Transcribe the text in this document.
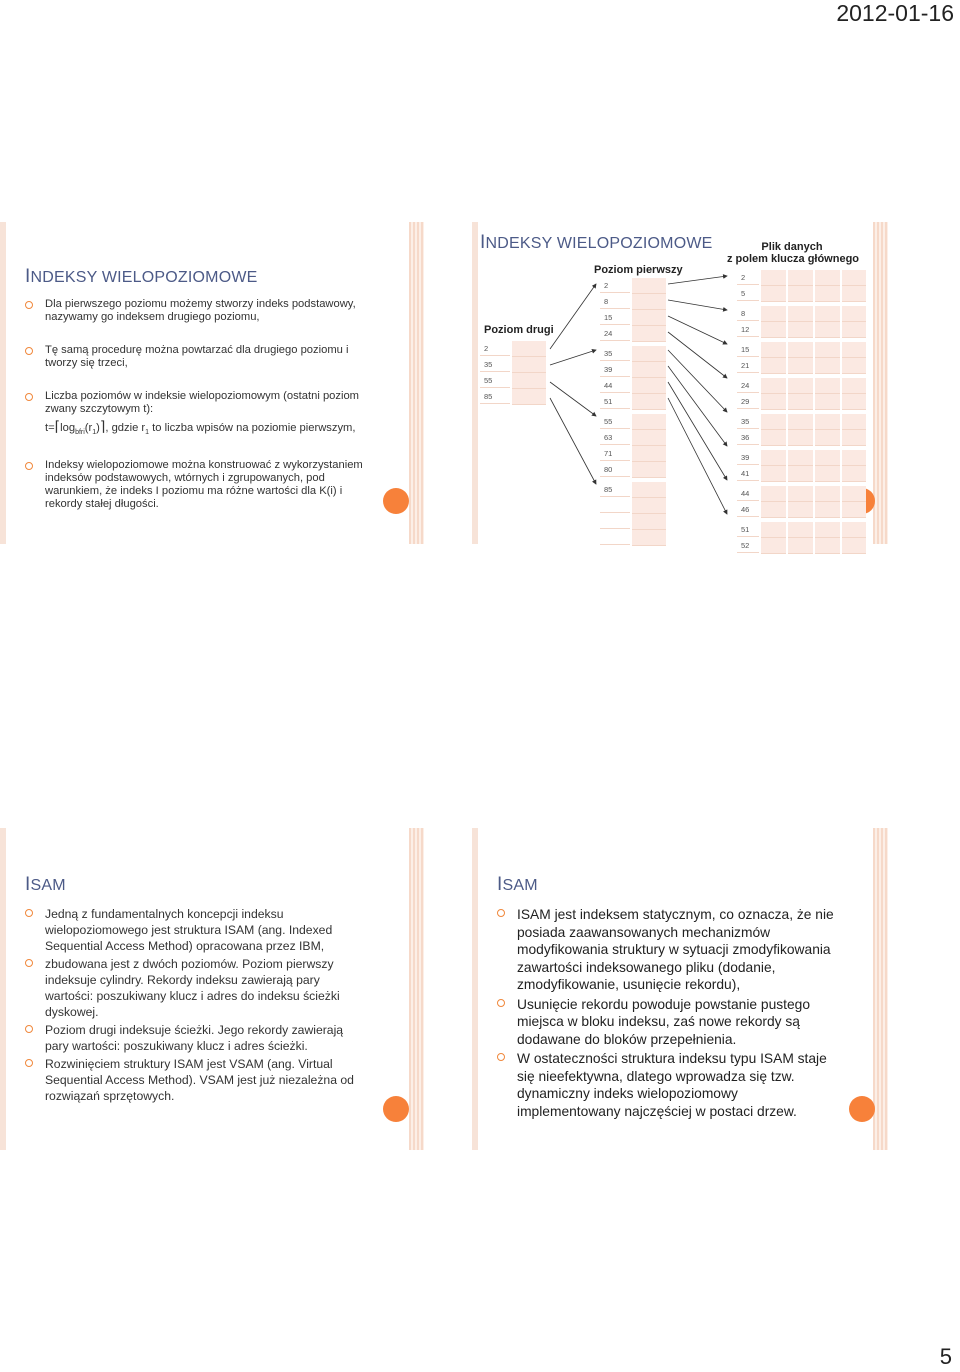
2012-01-16
INDEKSY WIELOPOZIOMOWE
Dla pierwszego poziomu możemy stworzy indeks podstawowy, nazywamy go indeksem drugiego poziomu,
Tę samą procedurę można powtarzać dla drugiego poziomu i tworzy się trzeci,
Liczba poziomów w indeksie wielopoziomowym (ostatni poziom zwany szczytowym t):
$t=⌈\log_{bfri}(r_1)⌉$, gdzie $r_1$ to liczba wpisów na poziomie pierwszym,
Indeksy wielopoziomowe można konstruować z wykorzystaniem indeksów podstawowych, wtórnych i zgrupowanych, pod warunkiem, że indeks I poziomu ma różne wartości dla K(i) i rekordy stałej długości.
INDEKSY WIELOPOZIOMOWE
Poziom pierwszy
Poziom drugi
Plik danych
z polem klucza głównego
2
35
55
85
2
8
15
24
35
39
44
51
55
63
71
80
85
2
5
8
12
15
21
24
29
35
36
39
41
44
46
51
52
ISAM
Jedną z fundamentalnych koncepcji indeksu wielopoziomowego jest struktura ISAM (ang. Indexed Sequential Access Method) opracowana przez IBM,
zbudowana jest z dwóch poziomów. Poziom pierwszy indeksuje cylindry. Rekordy indeksu zawierają pary wartości: poszukiwany klucz i adres do indeksu ścieżki dyskowej.
Poziom drugi indeksuje ścieżki. Jego rekordy zawierają pary wartości: poszukiwany klucz i adres ścieżki.
Rozwinięciem struktury ISAM jest VSAM (ang. Virtual Sequential Access Method). VSAM jest już niezależna od rozwiązań sprzętowych.
ISAM
ISAM jest indeksem statycznym, co oznacza, że nie posiada zaawansowanych mechanizmów modyfikowania struktury w sytuacji zmodyfikowania zawartości indeksowanego pliku (dodanie, zmodyfikowanie, usunięcie rekordu),
Usunięcie rekordu powoduje powstanie pustego miejsca w bloku indeksu, zaś nowe rekordy są dodawane do bloków przepełnienia.
W ostateczności struktura indeksu typu ISAM staje się nieefektywna, dlatego wprowadza się tzw. dynamiczny indeks wielopoziomowy implementowany najczęściej w postaci drzew.
5
